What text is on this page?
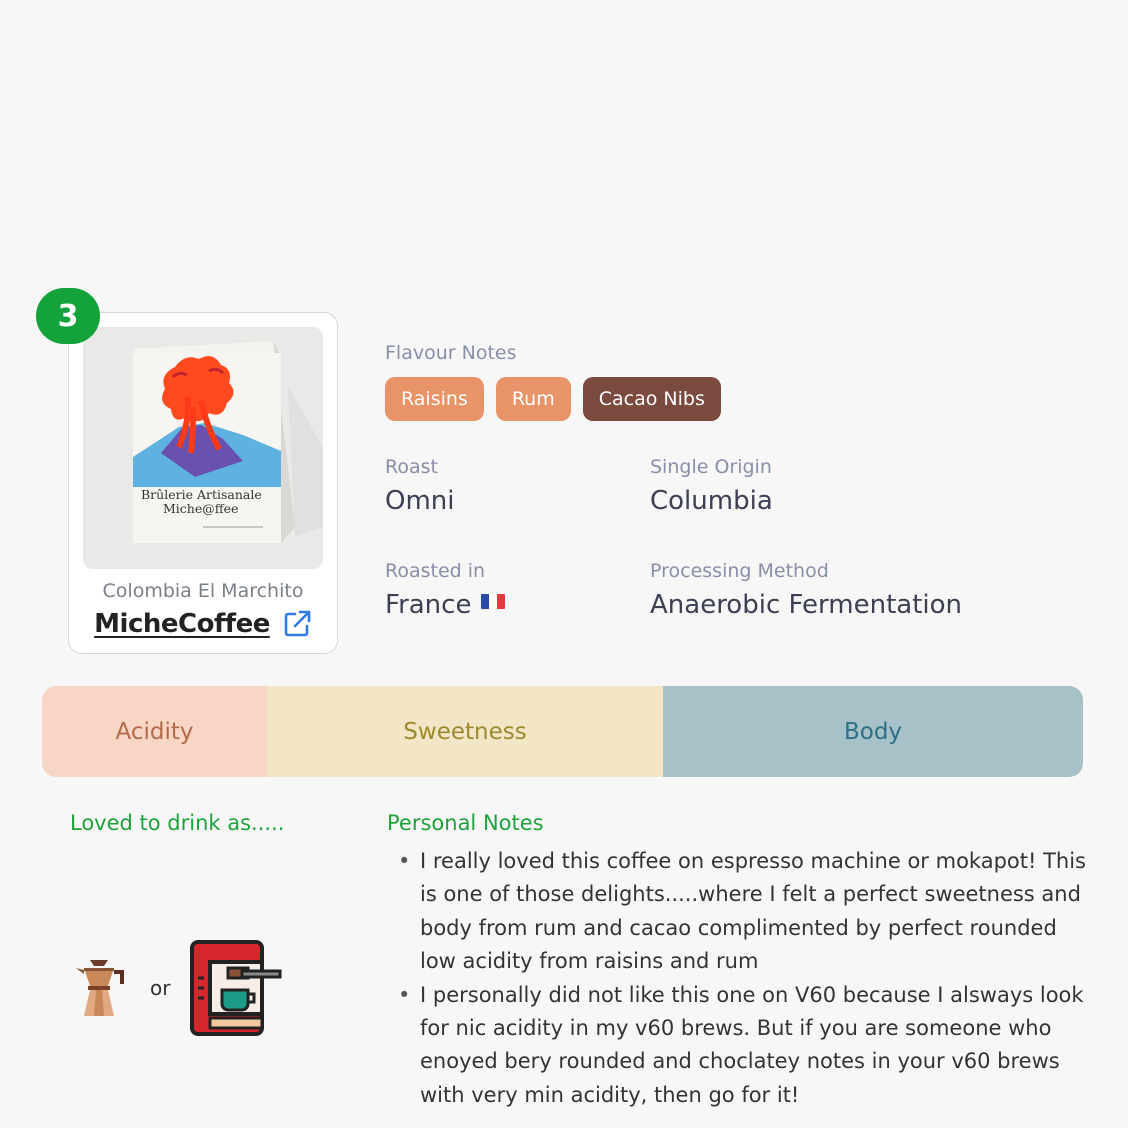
3
Brûlerie Artisanale
Miche@ffee
Colombia El Marchito
MicheCoffee
Flavour Notes
Raisins	Rum	Cacao Nibs
Roast
Omni
Single Origin
Columbia
Roasted in
France
Processing Method
Anaerobic Fermentation
Acidity	Sweetness	Body
Loved to drink as.....
or
Personal Notes
• I really loved this coffee on espresso machine or mokapot! This is one of those delights.....where I felt a perfect sweetness and body from rum and cacao complimented by perfect rounded low acidity from raisins and rum
• I personally did not like this one on V60 because I alsways look for nic acidity in my v60 brews. But if you are someone who enoyed bery rounded and choclatey notes in your v60 brews with very min acidity, then go for it!
